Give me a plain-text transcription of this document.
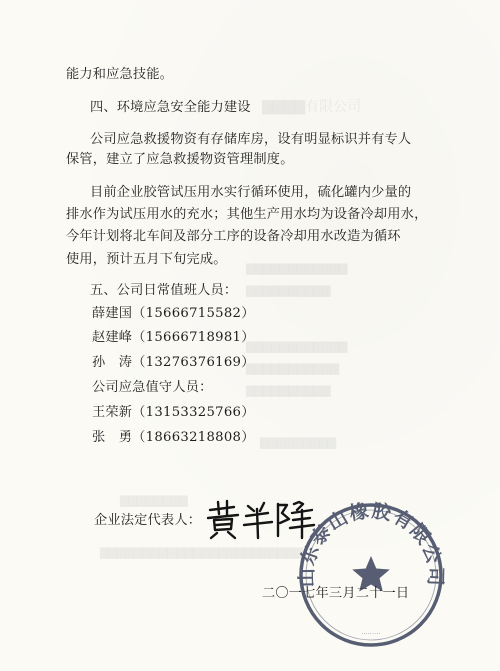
▇▇▇▇有限公司
▇▇▇▇▇▇▇▇▇▇▇▇
▇▇▇▇▇▇▇▇▇▇
▇▇▇▇▇▇▇▇▇▇▇▇
▇▇▇▇▇▇▇▇▇▇▇
▇▇▇▇▇▇▇▇▇▇
▇▇▇▇▇▇▇▇▇
▇▇▇▇▇▇▇▇
▇▇▇▇▇▇▇▇▇▇▇▇▇▇▇▇▇▇▇▇▇▇▇▇
能力和应急技能。
四、环境应急安全能力建设
公司应急救援物资有存储库房，设有明显标识并有专人
保管，建立了应急救援物资管理制度。
目前企业胶管试压用水实行循环使用，硫化罐内少量的
排水作为试压用水的充水；其他生产用水均为设备冷却用水，
今年计划将北车间及部分工序的设备冷却用水改造为循环
使用，预计五月下旬完成。
五、公司日常值班人员：
薛建国（15666715582）
赵建峰（15666718981）
孙　涛（13276376169）
公司应急值守人员：
王荣新（13153325766）
张　勇（18663218808）
企业法定代表人：
山东泰山橡胶有限公司
·········
二〇一七年三月二十一日
